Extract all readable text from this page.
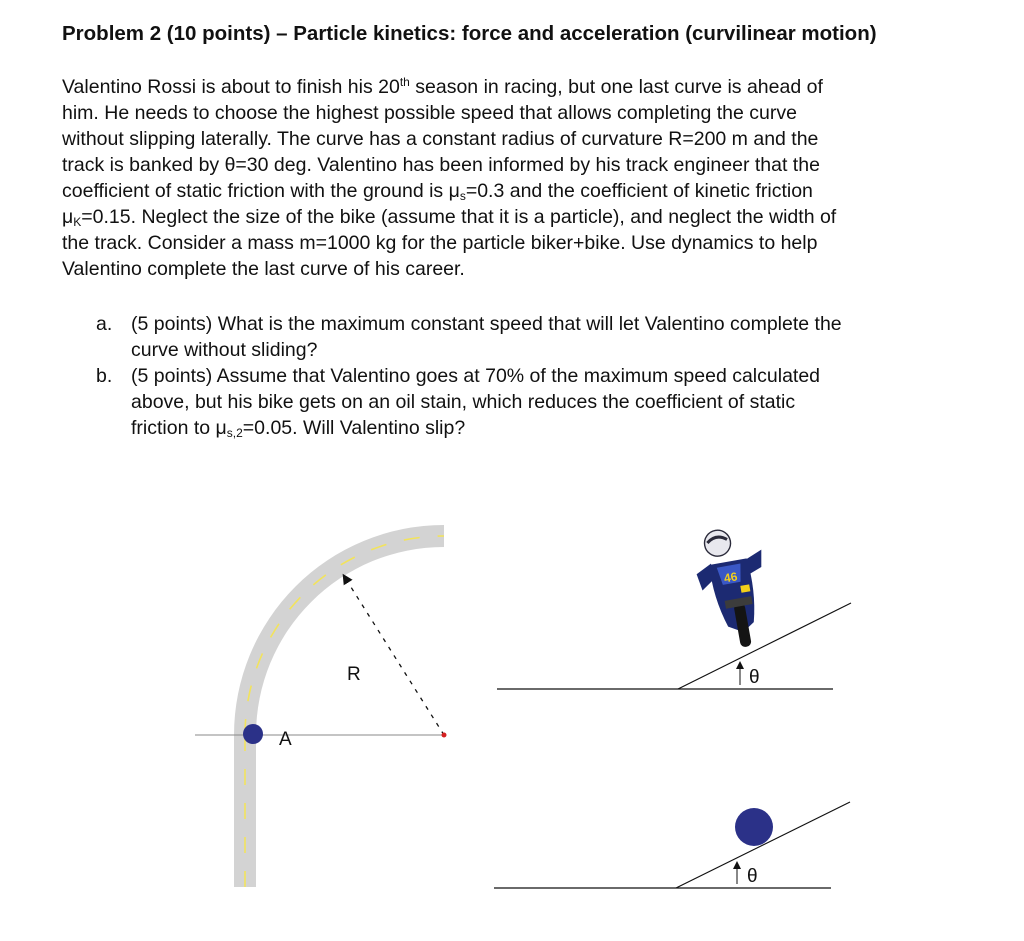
Problem 2 (10 points) – Particle kinetics: force and acceleration (curvilinear motion)
Valentino Rossi is about to finish his 20th season in racing, but one last curve is ahead of
him. He needs to choose the highest possible speed that allows completing the curve
without slipping laterally. The curve has a constant radius of curvature R=200 m and the
track is banked by θ=30 deg. Valentino has been informed by his track engineer that the
coefficient of static friction with the ground is $\mu_s=0.3$ and the coefficient of kinetic friction
$\mu_K=0.15$. Neglect the size of the bike (assume that it is a particle), and neglect the width of
the track. Consider a mass m=1000 kg for the particle biker+bike. Use dynamics to help
Valentino complete the last curve of his career.
a. (5 points) What is the maximum constant speed that will let Valentino complete the
curve without sliding?
b. (5 points) Assume that Valentino goes at 70% of the maximum speed calculated
above, but his bike gets on an oil stain, which reduces the coefficient of static
friction to $\mu_{s,2}=0.05$. Will Valentino slip?
A
R	θ
46
θ
